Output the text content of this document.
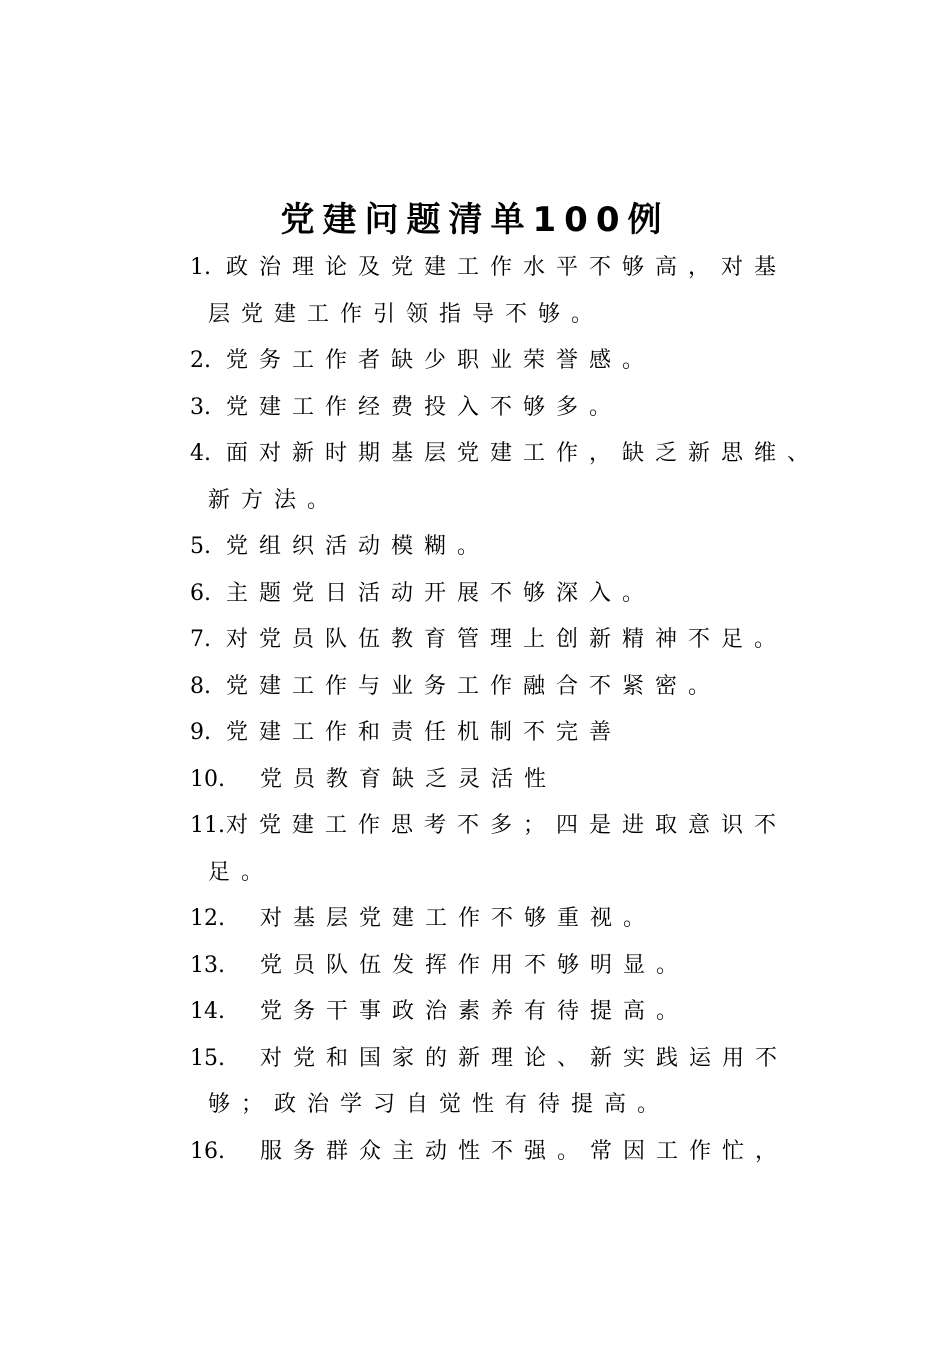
党建问题清单100例
1. 政治理论及党建工作水平不够高，对基
层党建工作引领指导不够。
2. 党务工作者缺少职业荣誉感。
3. 党建工作经费投入不够多。
4. 面对新时期基层党建工作，缺乏新思维、
新方法。
5. 党组织活动模糊。
6. 主题党日活动开展不够深入。
7. 对党员队伍教育管理上创新精神不足。
8. 党建工作与业务工作融合不紧密。
9. 党建工作和责任机制不完善
10.	党员教育缺乏灵活性
11. 对党建工作思考不多；四是进取意识不
足。
12.	对基层党建工作不够重视。
13.	党员队伍发挥作用不够明显。
14.	党务干事政治素养有待提高。
15.	对党和国家的新理论、新实践运用不
够；政治学习自觉性有待提高。
16.	服务群众主动性不强。常因工作忙，
